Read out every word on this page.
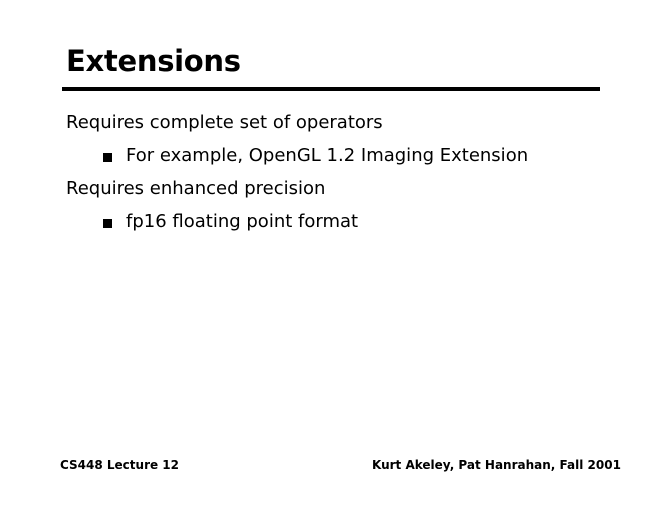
Extensions
Requires complete set of operators
For example, OpenGL 1.2 Imaging Extension
Requires enhanced precision
fp16 floating point format
CS448 Lecture 12	Kurt Akeley, Pat Hanrahan, Fall 2001
